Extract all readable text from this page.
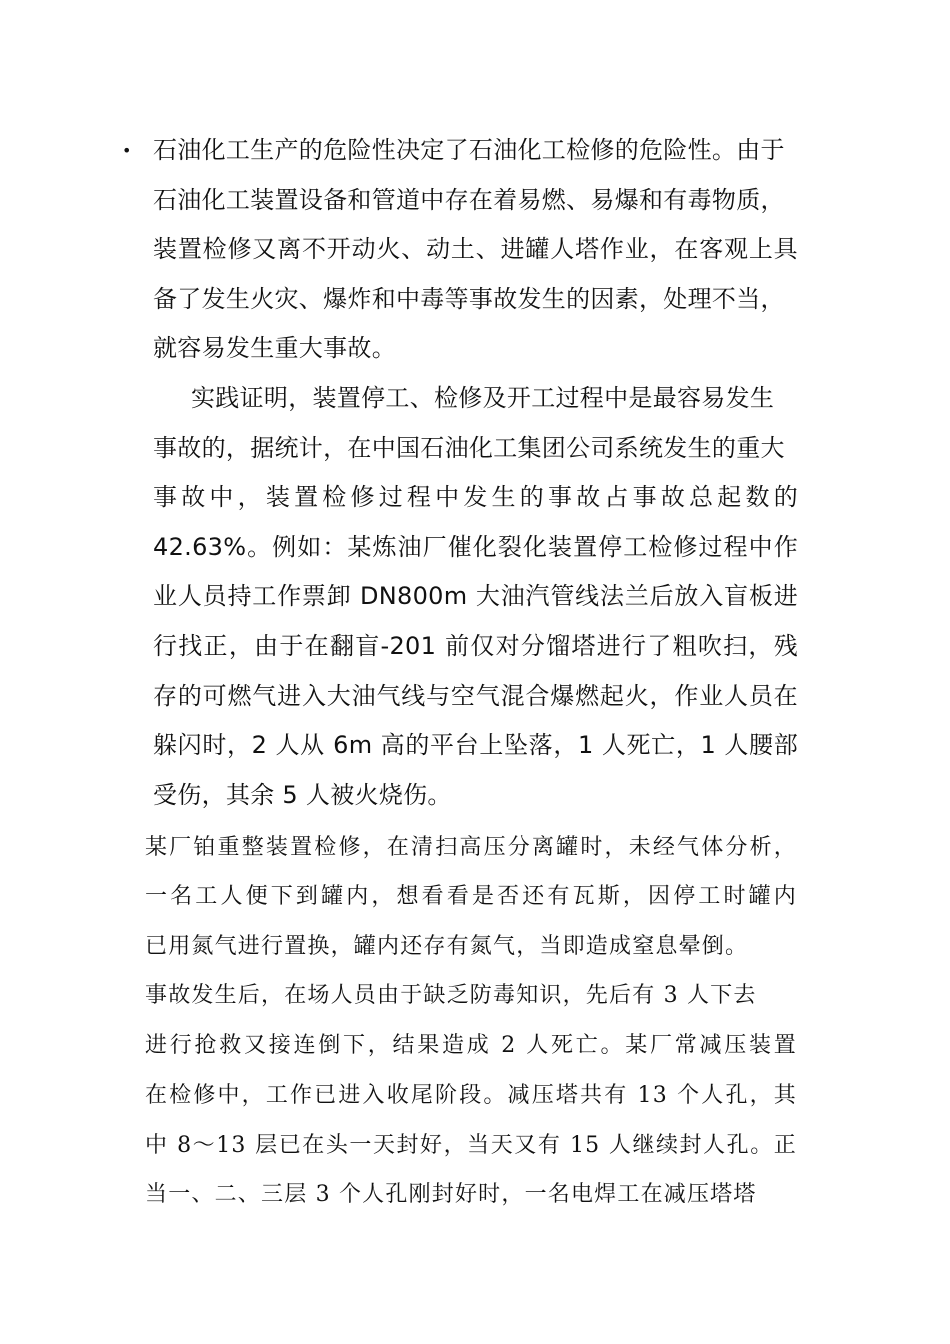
• 石油化工生产的危险性决定了石油化工检修的危险性。由于
石油化工装置设备和管道中存在着易燃、易爆和有毒物质，
装置检修又离不开动火、动土、进罐人塔作业，在客观上具
备了发生火灾、爆炸和中毒等事故发生的因素，处理不当，
就容易发生重大事故。
实践证明，装置停工、检修及开工过程中是最容易发生
事故的，据统计，在中国石油化工集团公司系统发生的重大
事故中，装置检修过程中发生的事故占事故总起数的
42.63%。例如：某炼油厂催化裂化装置停工检修过程中作
业人员持工作票卸 DN800m 大油汽管线法兰后放入盲板进
行找正，由于在翻盲-201 前仅对分馏塔进行了粗吹扫，残
存的可燃气进入大油气线与空气混合爆燃起火，作业人员在
躲闪时，2 人从 6m 高的平台上坠落，1 人死亡，1 人腰部
受伤，其余 5 人被火烧伤。
某厂铂重整装置检修，在清扫高压分离罐时，未经气体分析，
一名工人便下到罐内，想看看是否还有瓦斯，因停工时罐内
已用氮气进行置换，罐内还存有氮气，当即造成窒息晕倒。
事故发生后，在场人员由于缺乏防毒知识，先后有 3 人下去
进行抢救又接连倒下，结果造成 2 人死亡。某厂常减压装置
在检修中，工作已进入收尾阶段。减压塔共有 13 个人孔，其
中 8～13 层已在头一天封好，当天又有 15 人继续封人孔。正
当一、二、三层 3 个人孔刚封好时，一名电焊工在减压塔塔
